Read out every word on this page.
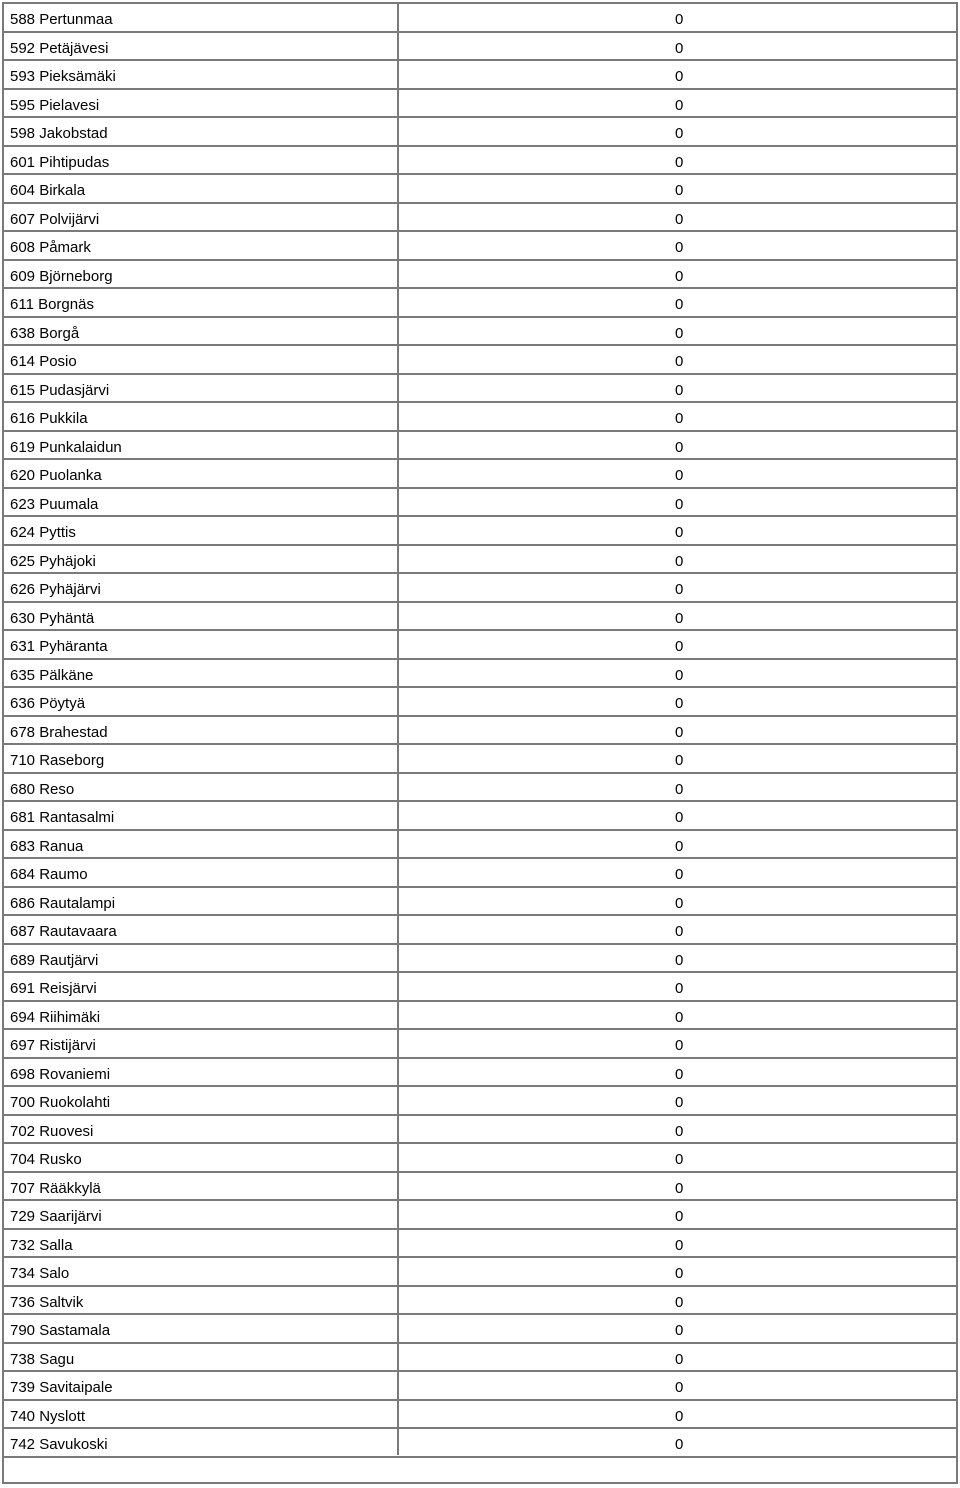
588 Pertunmaa	0
592 Petäjävesi	0
593 Pieksämäki	0
595 Pielavesi	0
598 Jakobstad	0
601 Pihtipudas	0
604 Birkala	0
607 Polvijärvi	0
608 Påmark	0
609 Björneborg	0
611 Borgnäs	0
638 Borgå	0
614 Posio	0
615 Pudasjärvi	0
616 Pukkila	0
619 Punkalaidun	0
620 Puolanka	0
623 Puumala	0
624 Pyttis	0
625 Pyhäjoki	0
626 Pyhäjärvi	0
630 Pyhäntä	0
631 Pyhäranta	0
635 Pälkäne	0
636 Pöytyä	0
678 Brahestad	0
710 Raseborg	0
680 Reso	0
681 Rantasalmi	0
683 Ranua	0
684 Raumo	0
686 Rautalampi	0
687 Rautavaara	0
689 Rautjärvi	0
691 Reisjärvi	0
694 Riihimäki	0
697 Ristijärvi	0
698 Rovaniemi	0
700 Ruokolahti	0
702 Ruovesi	0
704 Rusko	0
707 Rääkkylä	0
729 Saarijärvi	0
732 Salla	0
734 Salo	0
736 Saltvik	0
790 Sastamala	0
738 Sagu	0
739 Savitaipale	0
740 Nyslott	0
742 Savukoski	0
